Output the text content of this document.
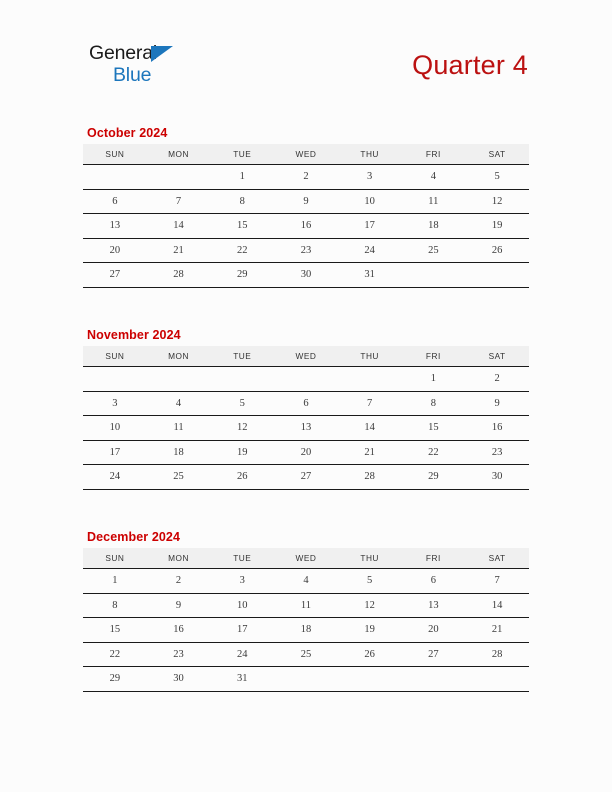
General
Blue	Quarter 4
October 2024
SUN	MON	TUE	WED	THU	FRI	SAT
		1	2	3	4	5
6	7	8	9	10	11	12
13	14	15	16	17	18	19
20	21	22	23	24	25	26
27	28	29	30	31		
November 2024
SUN	MON	TUE	WED	THU	FRI	SAT
					1	2
3	4	5	6	7	8	9
10	11	12	13	14	15	16
17	18	19	20	21	22	23
24	25	26	27	28	29	30
December 2024
SUN	MON	TUE	WED	THU	FRI	SAT
1	2	3	4	5	6	7
8	9	10	11	12	13	14
15	16	17	18	19	20	21
22	23	24	25	26	27	28
29	30	31				
